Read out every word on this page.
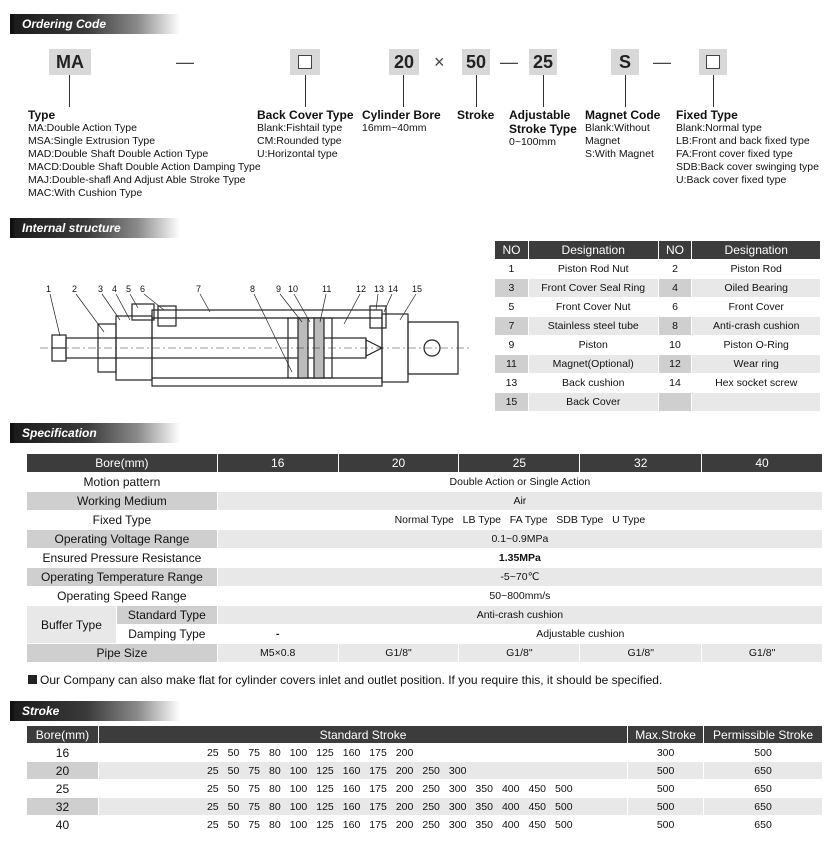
Ordering Code
MA	—	20 × 50 — 25	S	—
Type
MA:Double Action Type
MSA:Single Extrusion Type
MAD:Double Shaft Double Action Type
MACD:Double Shaft Double Action Damping Type
MAJ:Double-shafl And Adjust Able Stroke Type
MAC:With Cushion Type
Back Cover Type
Blank:Fishtail type
CM:Rounded type
U:Horizontal type
Cylinder Bore
16mm~40mm
Stroke Adjustable Stroke Type
0~100mm
Magnet Code
Blank:Without
Magnet
S:With Magnet
Fixed Type
Blank:Normal type
LB:Front and back fixed type
FA:Front cover fixed type
SDB:Back cover swinging type
U:Back cover fixed type
Internal structure
1 2 3 4 5 6	7	8 9 10	11	12 13 14 15
NO	Designation	NO	Designation
1	Piston Rod Nut	2	Piston Rod
3	Front Cover Seal Ring	4	Oiled Bearing
5	Front Cover Nut	6	Front Cover
7	Stainless steel tube	8	Anti-crash cushion
9	Piston	10	Piston O-Ring
11	Magnet(Optional)	12	Wear ring
13	Back cushion	14	Hex socket screw
15	Back Cover		
Specification
Bore(mm)		16	20	25	32	40
Motion pattern		Double Action or Single Action				
Working Medium		Air				
Fixed Type		Normal Type LB Type FA Type SDB Type U Type				
Operating Voltage Range		0.1~0.9MPa				
Ensured Pressure Resistance		1.35MPa				
Operating Temperature Range		-5~70℃				
Operating Speed Range		50~800mm/s				
Buffer Type	Standard Type	Anti-crash cushion				
	Damping Type	-	Adjustable cushion			
Pipe Size		M5×0.8	G1/8"	G1/8"	G1/8"	G1/8"
Our Company can also make flat for cylinder covers inlet and outlet position. If you require this, it should be specified.
Stroke
Bore(mm)	Standard Stroke	Max.Stroke	Permissible Stroke
16	25 50 75 80 100 125 160 175 200	300	500
20	25 50 75 80 100 125 160 175 200 250 300	500	650
25	25 50 75 80 100 125 160 175 200 250 300 350 400 450 500	500	650
32	25 50 75 80 100 125 160 175 200 250 300 350 400 450 500	500	650
40	25 50 75 80 100 125 160 175 200 250 300 350 400 450 500	500	650
